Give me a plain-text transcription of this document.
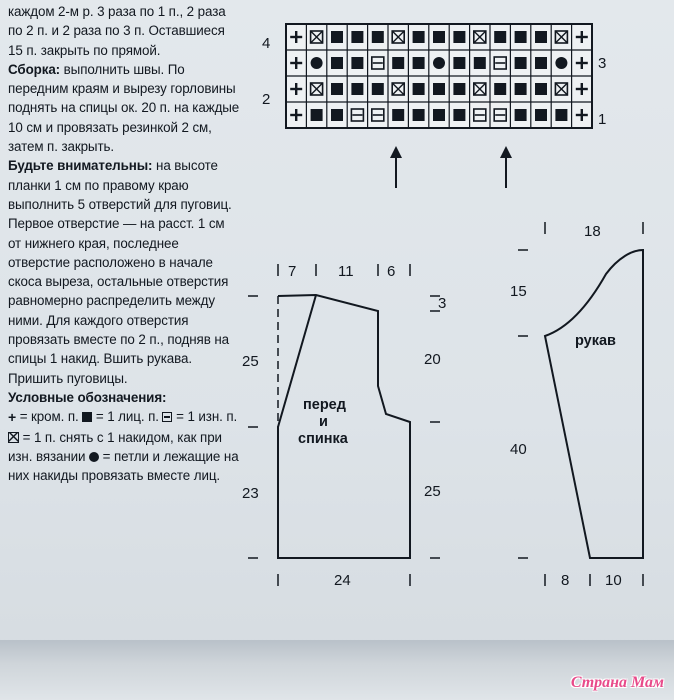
каждом 2-м р. 3 раза по 1 п., 2 раза по 2 п. и 2 раза по 3 п. Оставшиеся 15 п. закрыть по прямой.

Сборка: выполнить швы. По передним краям и вырезу горловины поднять на спицы ок. 20 п. на каждые 10 см и провязать резинкой 2 см, затем п. закрыть.

Будьте внимательны: на высоте планки 1 см по правому краю выполнить 5 отверстий для пуговиц. Первое отверстие — на расст. 1 см от нижнего края, последнее отверстие расположено в начале скоса выреза, остальные отверстия равномерно распределить между ними. Для каждого отверстия провязать вместе по 2 п., подняв на спицы 1 накид. Вшить рукава. Пришить пуговицы.

Условные обозначения:

+ = кром. п. = 1 лиц. п. = 1 изн. п.
= 1 п. снять с 1 накидом, как при изн. вязании = петли и лежащие на них накиды провязать вместе лиц.
4
2
3
1
7	11 6
25
23
3
20
25
24
перед
и
спинка
18
15
40
8 10
рукав
Страна Мам
